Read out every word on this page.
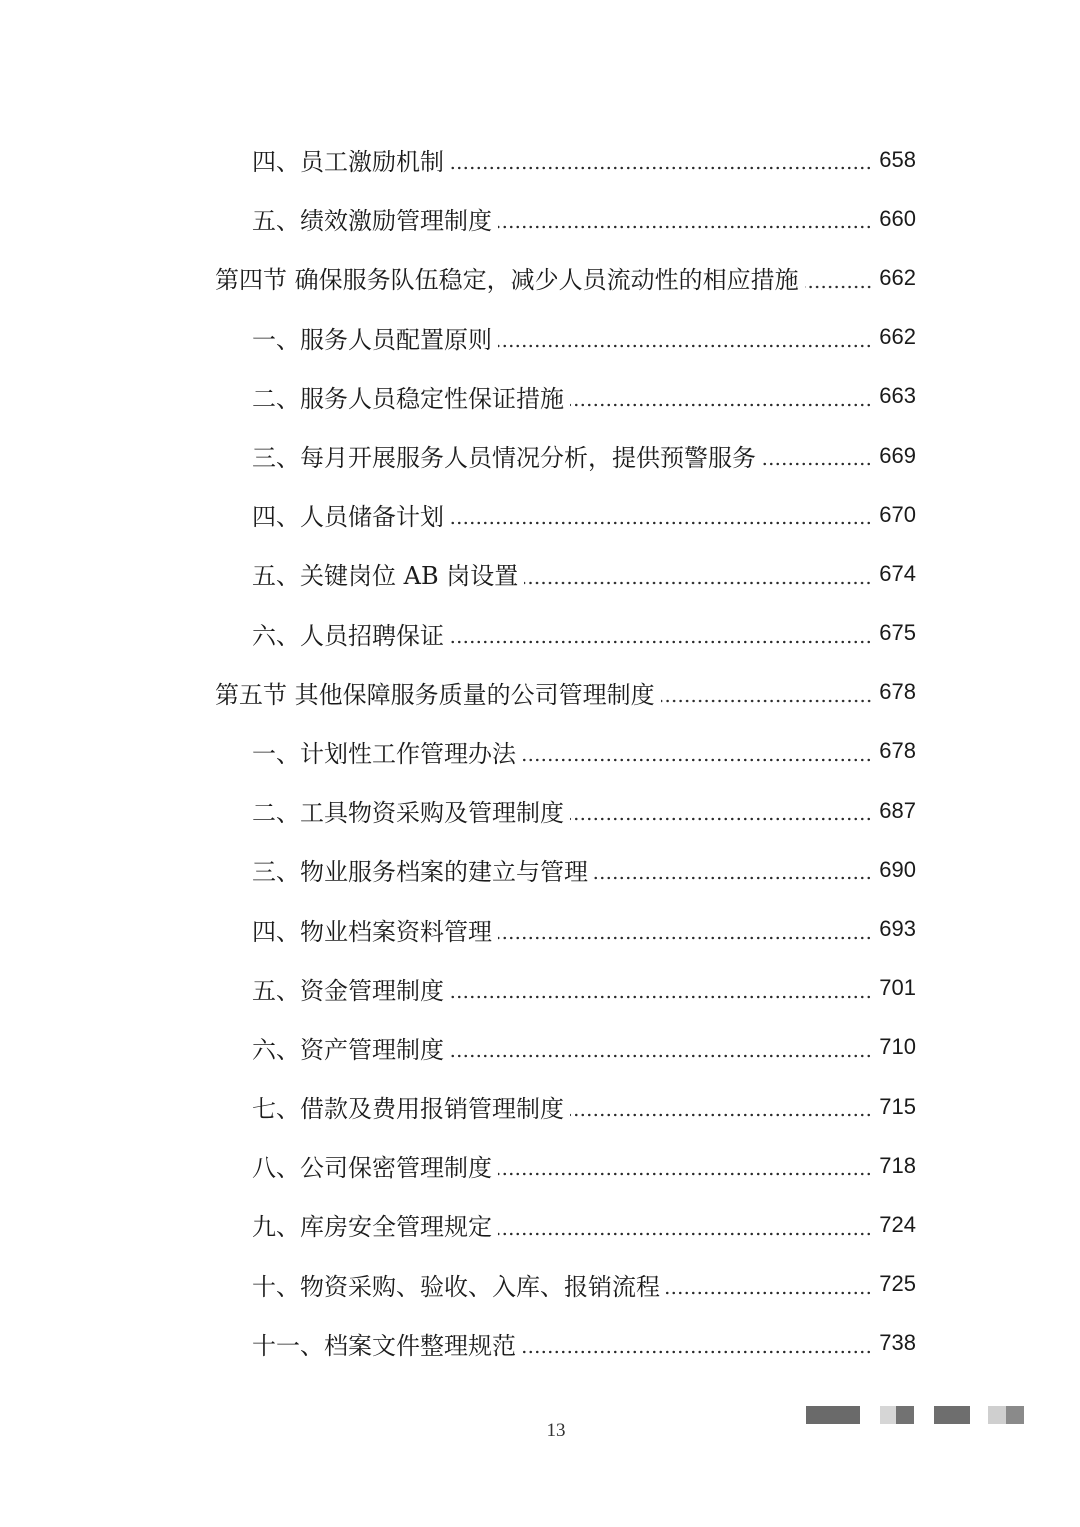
四、员工激励机制	658
五、绩效激励管理制度	660
第四节 确保服务队伍稳定，减少人员流动性的相应措施	662
一、服务人员配置原则	662
二、服务人员稳定性保证措施	663
三、每月开展服务人员情况分析，提供预警服务	669
四、人员储备计划	670
五、关键岗位 AB 岗设置	674
六、人员招聘保证	675
第五节 其他保障服务质量的公司管理制度	678
一、计划性工作管理办法	678
二、工具物资采购及管理制度	687
三、物业服务档案的建立与管理	690
四、物业档案资料管理	693
五、资金管理制度	701
六、资产管理制度	710
七、借款及费用报销管理制度	715
八、公司保密管理制度	718
九、库房安全管理规定	724
十、物资采购、验收、入库、报销流程	725
十一、档案文件整理规范	738
13
